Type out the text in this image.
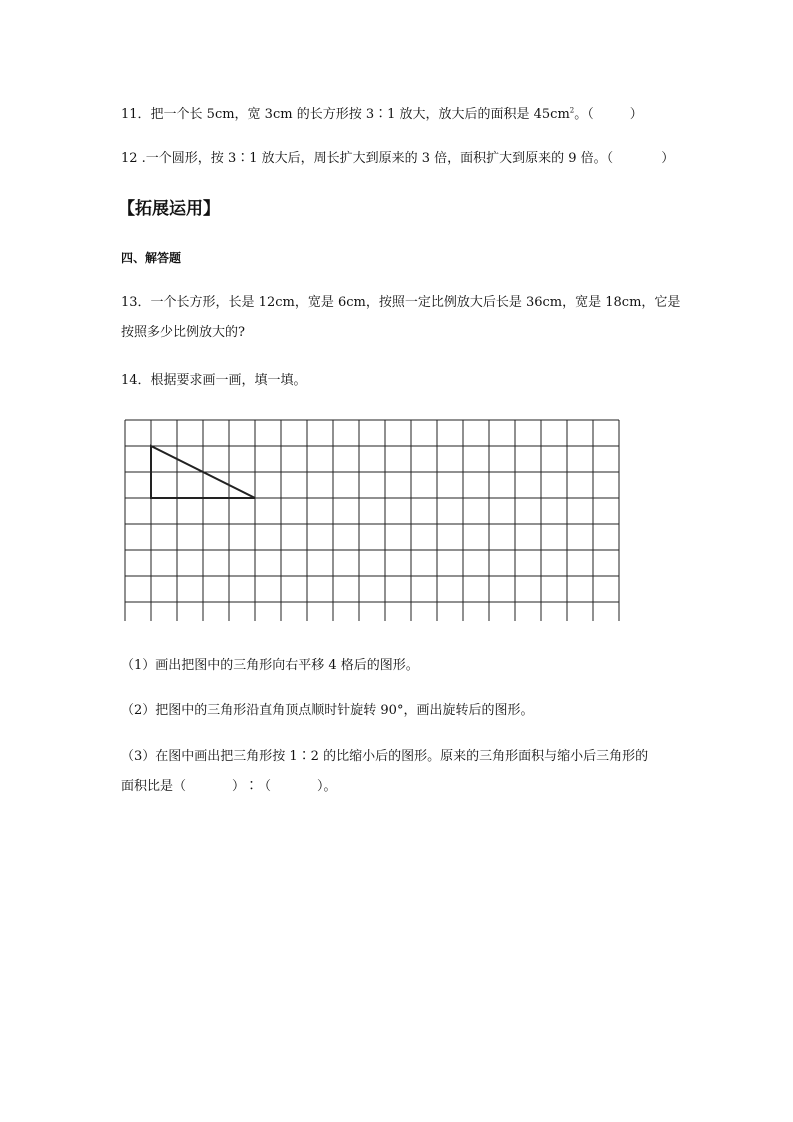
11．把一个长 5cm，宽 3cm 的长方形按 3∶1 放大，放大后的面积是 $45cm^2$。（	）
12 .一个圆形，按 3∶1 放大后，周长扩大到原来的 3 倍，面积扩大到原来的 9 倍。（	）
【拓展运用】
四、解答题
13．一个长方形，长是 12cm，宽是 6cm，按照一定比例放大后长是 36cm，宽是 18cm，它是
按照多少比例放大的?
14．根据要求画一画，填一填。
（1）画出把图中的三角形向右平移 4 格后的图形。
（2）把图中的三角形沿直角顶点顺时针旋转 90°，画出旋转后的图形。
（3）在图中画出把三角形按 1∶2 的比缩小后的图形。原来的三角形面积与缩小后三角形的
面积比是（	）∶（	）。
